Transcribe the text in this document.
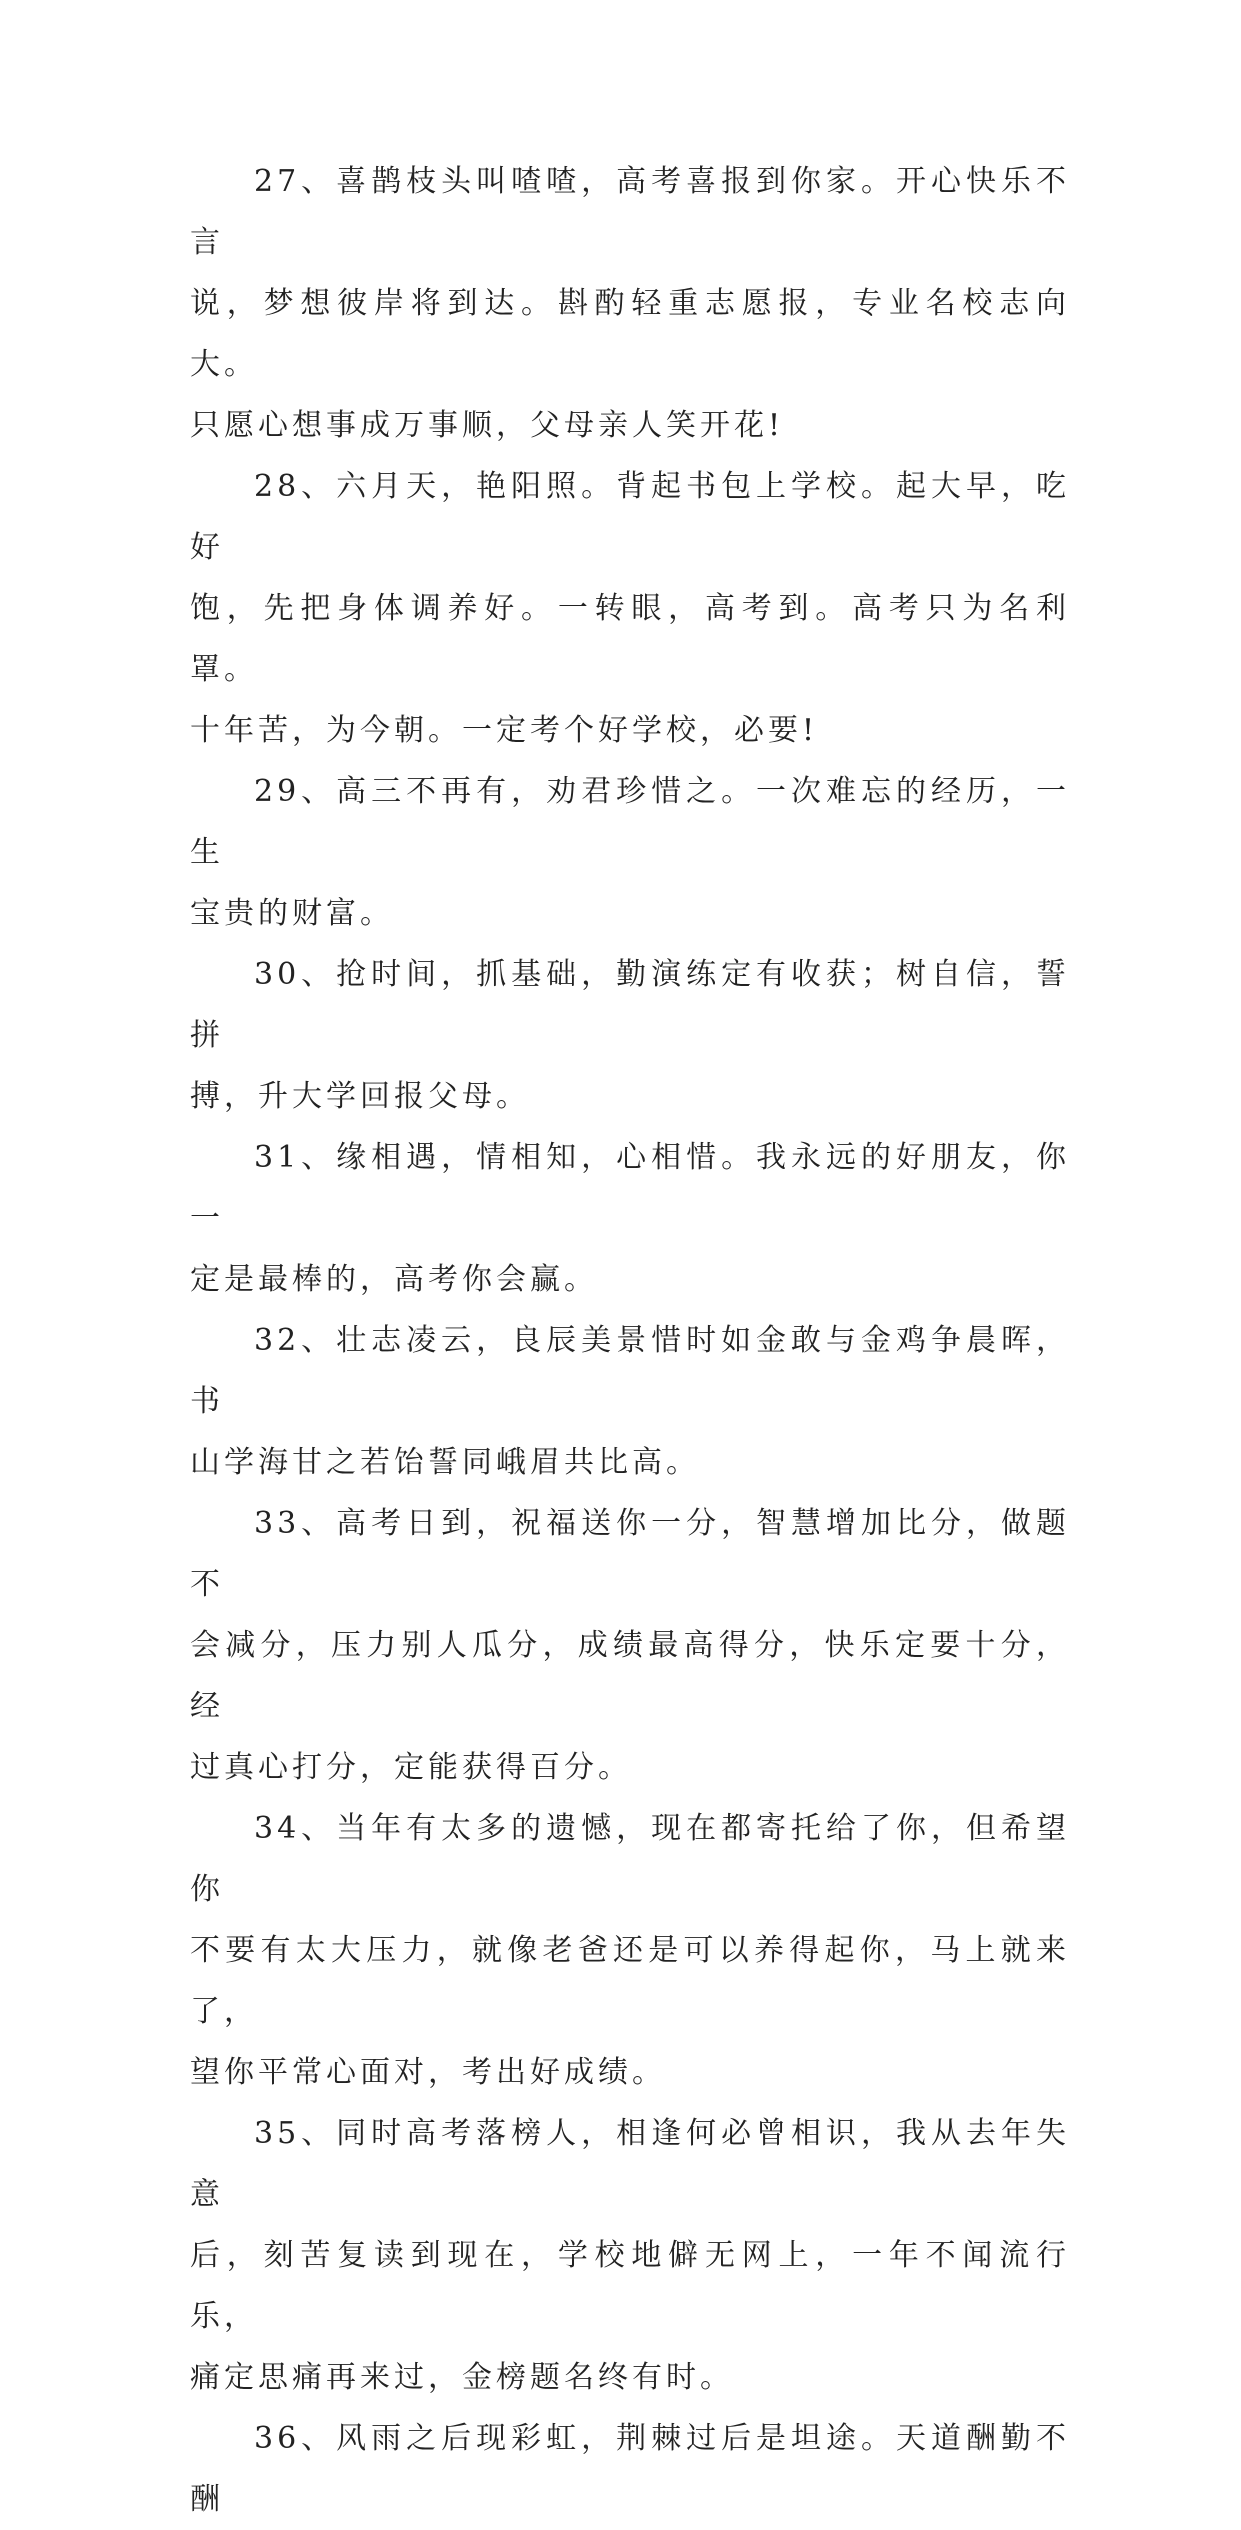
27、喜鹊枝头叫喳喳，高考喜报到你家。开心快乐不言
说，梦想彼岸将到达。斟酌轻重志愿报，专业名校志向大。
只愿心想事成万事顺，父母亲人笑开花!

28、六月天，艳阳照。背起书包上学校。起大早，吃好
饱，先把身体调养好。一转眼，高考到。高考只为名利罩。
十年苦，为今朝。一定考个好学校，必要!

29、高三不再有，劝君珍惜之。一次难忘的经历，一生
宝贵的财富。

30、抢时间，抓基础，勤演练定有收获；树自信，誓拼
搏，升大学回报父母。

31、缘相遇，情相知，心相惜。我永远的好朋友，你一
定是最棒的，高考你会赢。

32、壮志凌云，良辰美景惜时如金敢与金鸡争晨晖，书
山学海甘之若饴誓同峨眉共比高。

33、高考日到，祝福送你一分，智慧增加比分，做题不
会减分，压力别人瓜分，成绩最高得分，快乐定要十分，经
过真心打分，定能获得百分。

34、当年有太多的遗憾，现在都寄托给了你，但希望你
不要有太大压力，就像老爸还是可以养得起你，马上就来了，
望你平常心面对，考出好成绩。

35、同时高考落榜人，相逢何必曾相识，我从去年失意
后，刻苦复读到现在，学校地僻无网上，一年不闻流行乐，
痛定思痛再来过，金榜题名终有时。

36、风雨之后现彩虹，荆棘过后是坦途。天道酬勤不酬
